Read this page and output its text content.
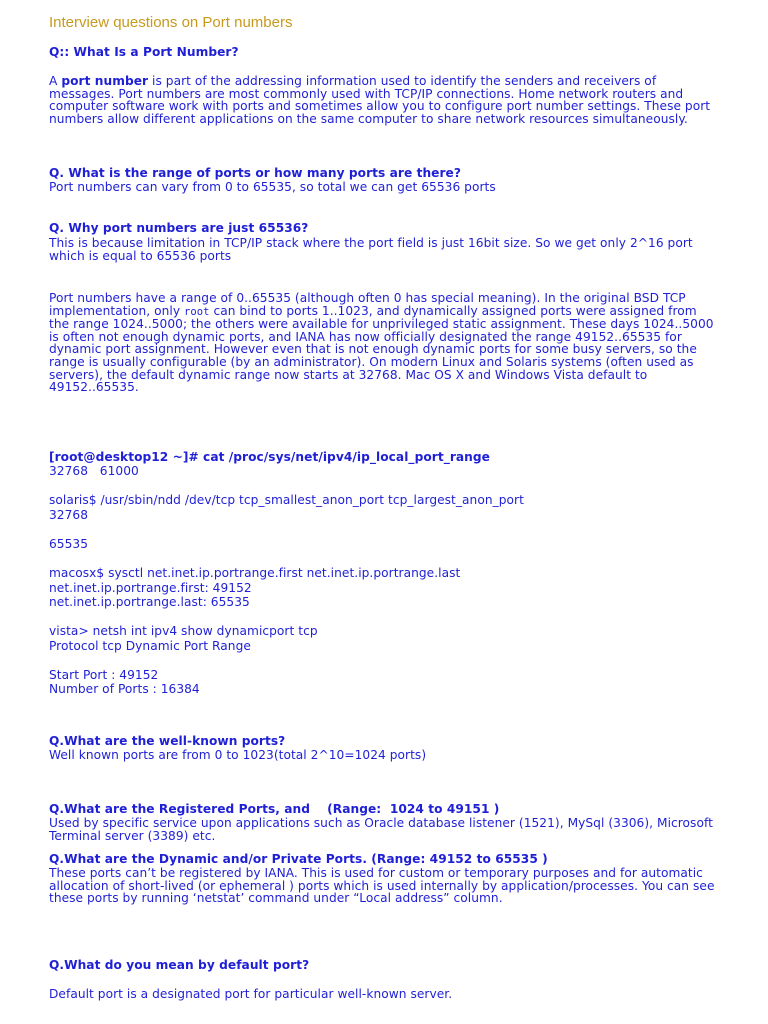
Interview questions on Port numbers
Q:: What Is a Port Number?

A port number is part of the addressing information used to identify the senders and receivers of messages. Port numbers are most commonly used with TCP/IP connections. Home network routers and computer software work with ports and sometimes allow you to configure port number settings. These port numbers allow different applications on the same computer to share network resources simultaneously.

Q. What is the range of ports or how many ports are there?
Port numbers can vary from 0 to 65535, so total we can get 65536 ports
Q. Why port numbers are just 65536?

This is because limitation in TCP/IP stack where the port field is just 16bit size. So we get only 2^16 port which is equal to 65536 ports

Port numbers have a range of 0..65535 (although often 0 has special meaning). In the original BSD TCP implementation, only root can bind to ports 1..1023, and dynamically assigned ports were assigned from the range 1024..5000; the others were available for unprivileged static assignment. These days 1024..5000 is often not enough dynamic ports, and IANA has now officially designated the range 49152..65535 for dynamic port assignment. However even that is not enough dynamic ports for some busy servers, so the range is usually configurable (by an administrator). On modern Linux and Solaris systems (often used as servers), the default dynamic range now starts at 32768. Mac OS X and Windows Vista default to 49152..65535.

[root@desktop12 ~]# cat /proc/sys/net/ipv4/ip_local_port_range
32768   61000
solaris$ /usr/sbin/ndd /dev/tcp tcp_smallest_anon_port tcp_largest_anon_port
32768
65535
macosx$ sysctl net.inet.ip.portrange.first net.inet.ip.portrange.last
net.inet.ip.portrange.first: 49152
net.inet.ip.portrange.last: 65535
vista> netsh int ipv4 show dynamicport tcp
Protocol tcp Dynamic Port Range
Start Port : 49152
Number of Ports : 16384
Q.What are the well-known ports?
Well known ports are from 0 to 1023(total 2^10=1024 ports)
Q.What are the Registered Ports, and    (Range:  1024 to 49151 )

Used by specific service upon applications such as Oracle database listener (1521), MySql (3306), Microsoft Terminal server (3389) etc.

Q.What are the Dynamic and/or Private Ports. (Range: 49152 to 65535 )

These ports can’t be registered by IANA. This is used for custom or temporary purposes and for automatic allocation of short-lived (or ephemeral ) ports which is used internally by application/processes. You can see these ports by running ‘netstat’ command under “Local address” column.

Q.What do you mean by default port?
Default port is a designated port for particular well-known server.
